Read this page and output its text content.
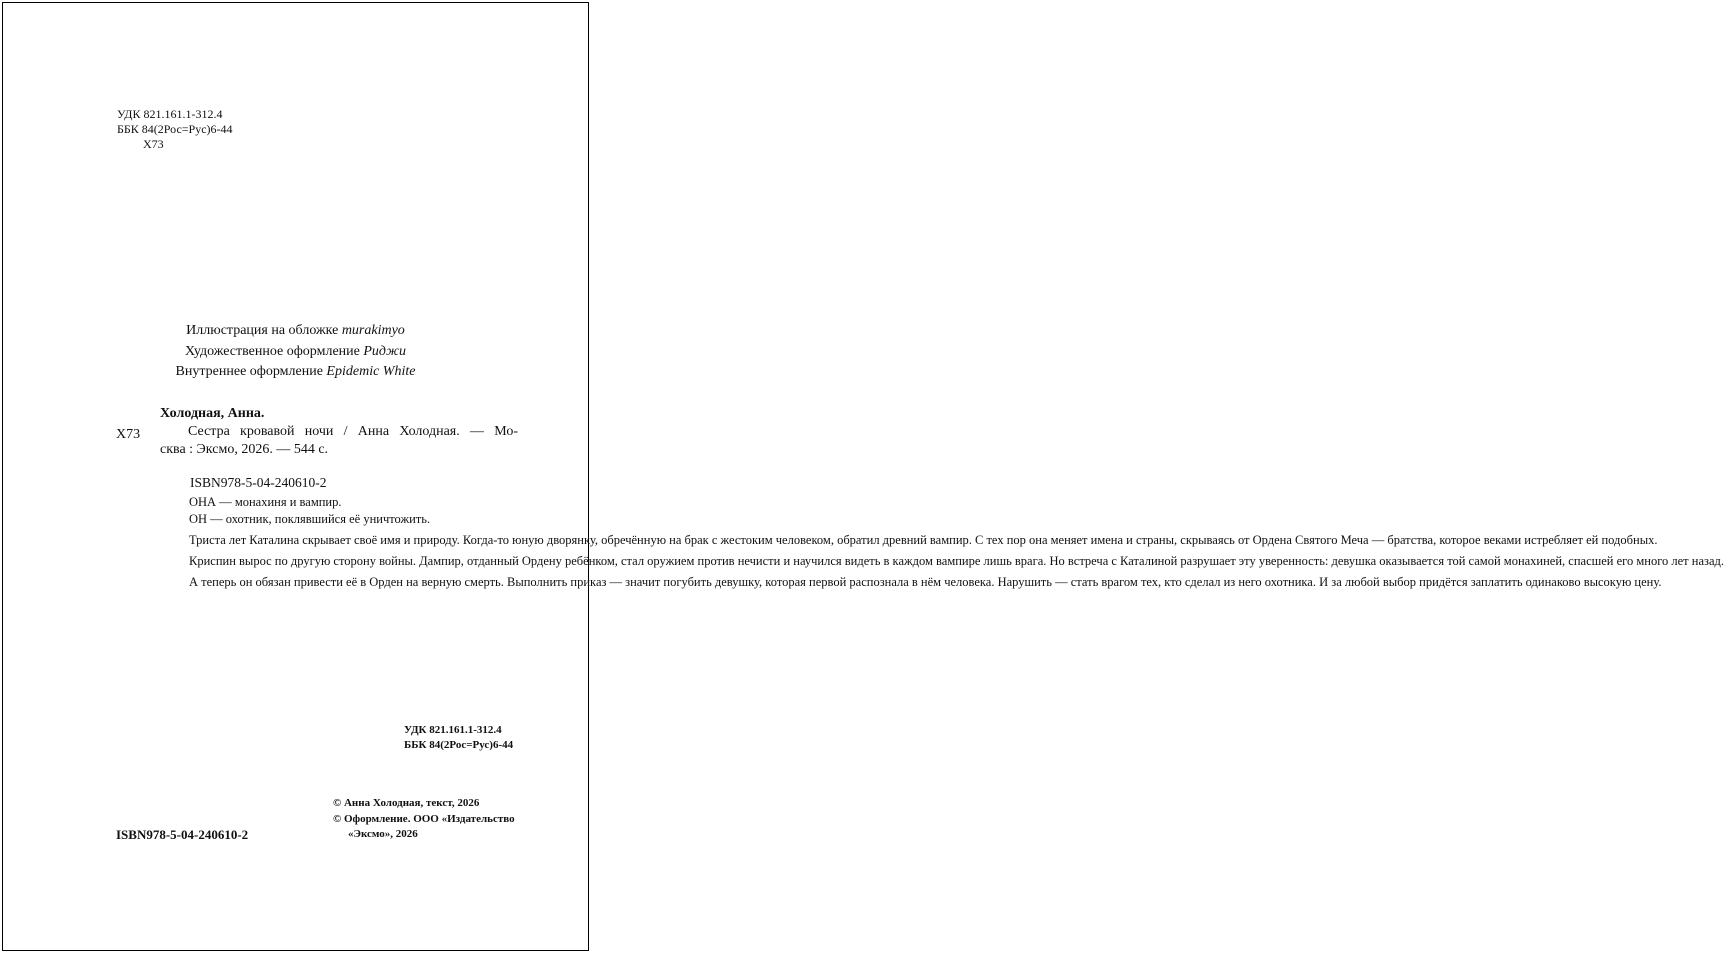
УДК 821.161.1-312.4
ББК 84(2Рос=Рус)6-44
Х73
Иллюстрация на обложке murakimyo
Художественное оформление Риджи
Внутреннее оформление Epidemic White
Х73
Холодная, Анна.
Сестра кровавой ночи / Анна Холодная. — Мо-
сква : Эксмо, 2026. — 544 с.
ISBN978-5-04-240610-2

ОНА — монахиня и вампир.

ОН — охотник, поклявшийся её уничтожить.

Триста лет Каталина скрывает своё имя и природу. Когда-то юную дворянку, обречённую на брак с жестоким человеком, обратил древний вампир. С тех пор она меняет имена и страны, скрываясь от Ордена Святого Меча — братства, которое веками истребляет ей подобных.

Криспин вырос по другую сторону войны. Дампир, отданный Ордену ребёнком, стал оружием против нечисти и научился видеть в каждом вампире лишь врага. Но встреча с Каталиной разрушает эту уверенность: девушка оказывается той самой монахиней, спасшей его много лет назад.

А теперь он обязан привести её в Орден на верную смерть. Выполнить приказ — значит погубить девушку, которая первой распознала в нём человека. Нарушить — стать врагом тех, кто сделал из него охотника. И за любой выбор придётся заплатить одинаково высокую цену.

УДК 821.161.1-312.4
ББК 84(2Рос=Рус)6-44
© Анна Холодная, текст, 2026
© Оформление. ООО «Издательство
«Эксмо», 2026
ISBN978-5-04-240610-2
